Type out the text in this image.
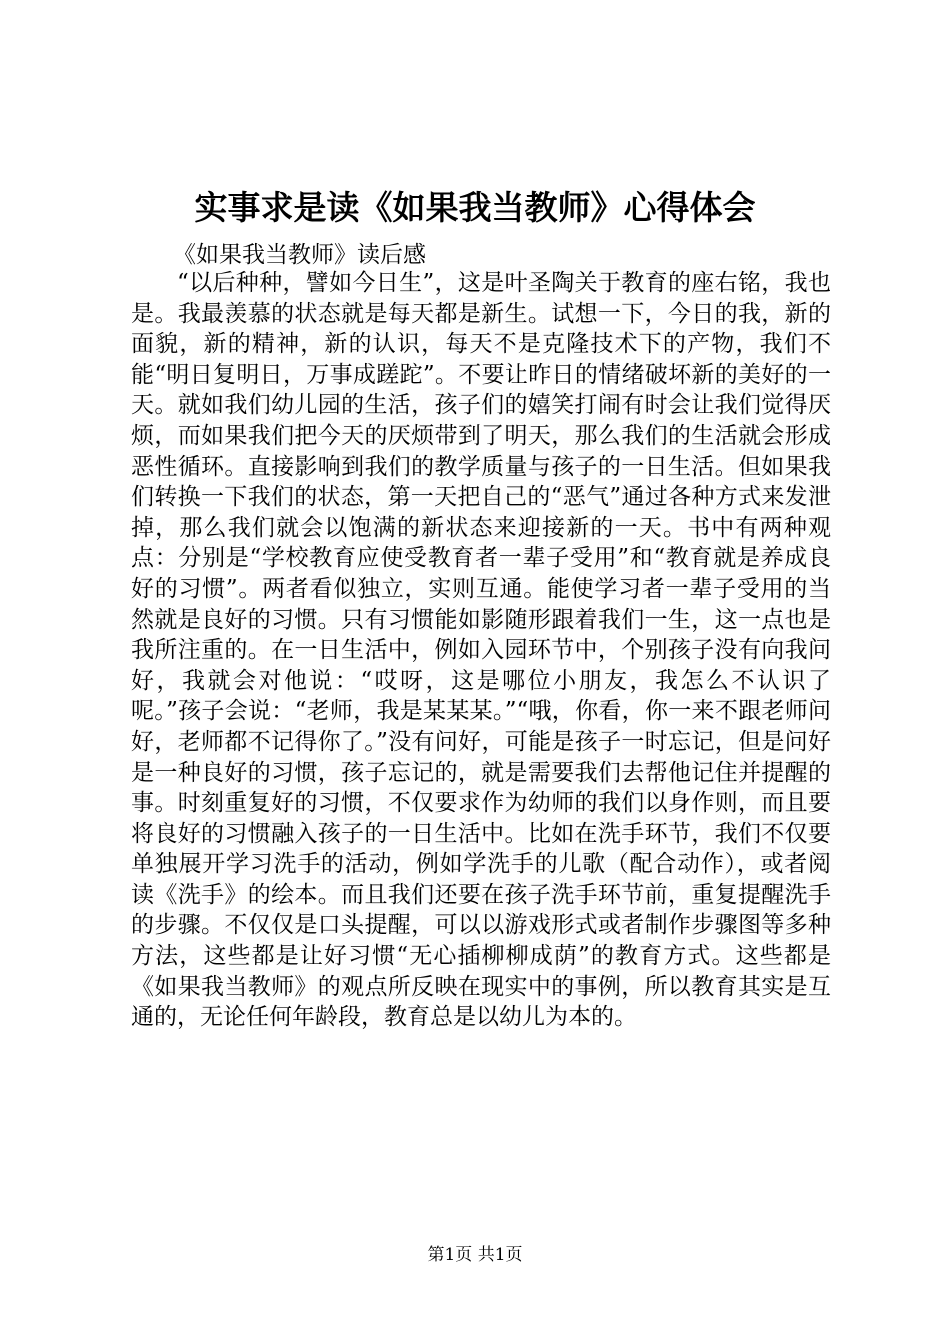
实事求是读《如果我当教师》心得体会
《如果我当教师》读后感

“以后种种，譬如今日生”，这是叶圣陶关于教育的座右铭，我也是。我最羡慕的状态就是每天都是新生。试想一下，今日的我，新的面貌，新的精神，新的认识，每天不是克隆技术下的产物，我们不能“明日复明日，万事成蹉跎”。不要让昨日的情绪破坏新的美好的一天。就如我们幼儿园的生活，孩子们的嬉笑打闹有时会让我们觉得厌烦，而如果我们把今天的厌烦带到了明天，那么我们的生活就会形成恶性循环。直接影响到我们的教学质量与孩子的一日生活。但如果我们转换一下我们的状态，第一天把自己的“恶气”通过各种方式来发泄掉，那么我们就会以饱满的新状态来迎接新的一天。书中有两种观点：分别是“学校教育应使受教育者一辈子受用”和“教育就是养成良好的习惯”。两者看似独立，实则互通。能使学习者一辈子受用的当然就是良好的习惯。只有习惯能如影随形跟着我们一生，这一点也是我所注重的。在一日生活中，例如入园环节中，个别孩子没有向我问好，我就会对他说：“哎呀，这是哪位小朋友，我怎么不认识了呢。”孩子会说：“老师，我是某某某。”“哦，你看，你一来不跟老师问好，老师都不记得你了。”没有问好，可能是孩子一时忘记，但是问好是一种良好的习惯，孩子忘记的，就是需要我们去帮他记住并提醒的事。时刻重复好的习惯，不仅要求作为幼师的我们以身作则，而且要将良好的习惯融入孩子的一日生活中。比如在洗手环节，我们不仅要单独展开学习洗手的活动，例如学洗手的儿歌（配合动作），或者阅读《洗手》的绘本。而且我们还要在孩子洗手环节前，重复提醒洗手的步骤。不仅仅是口头提醒，可以以游戏形式或者制作步骤图等多种方法，这些都是让好习惯“无心插柳柳成荫”的教育方式。这些都是《如果我当教师》的观点所反映在现实中的事例，所以教育其实是互通的，无论任何年龄段，教育总是以幼儿为本的。

第1页 共1页
